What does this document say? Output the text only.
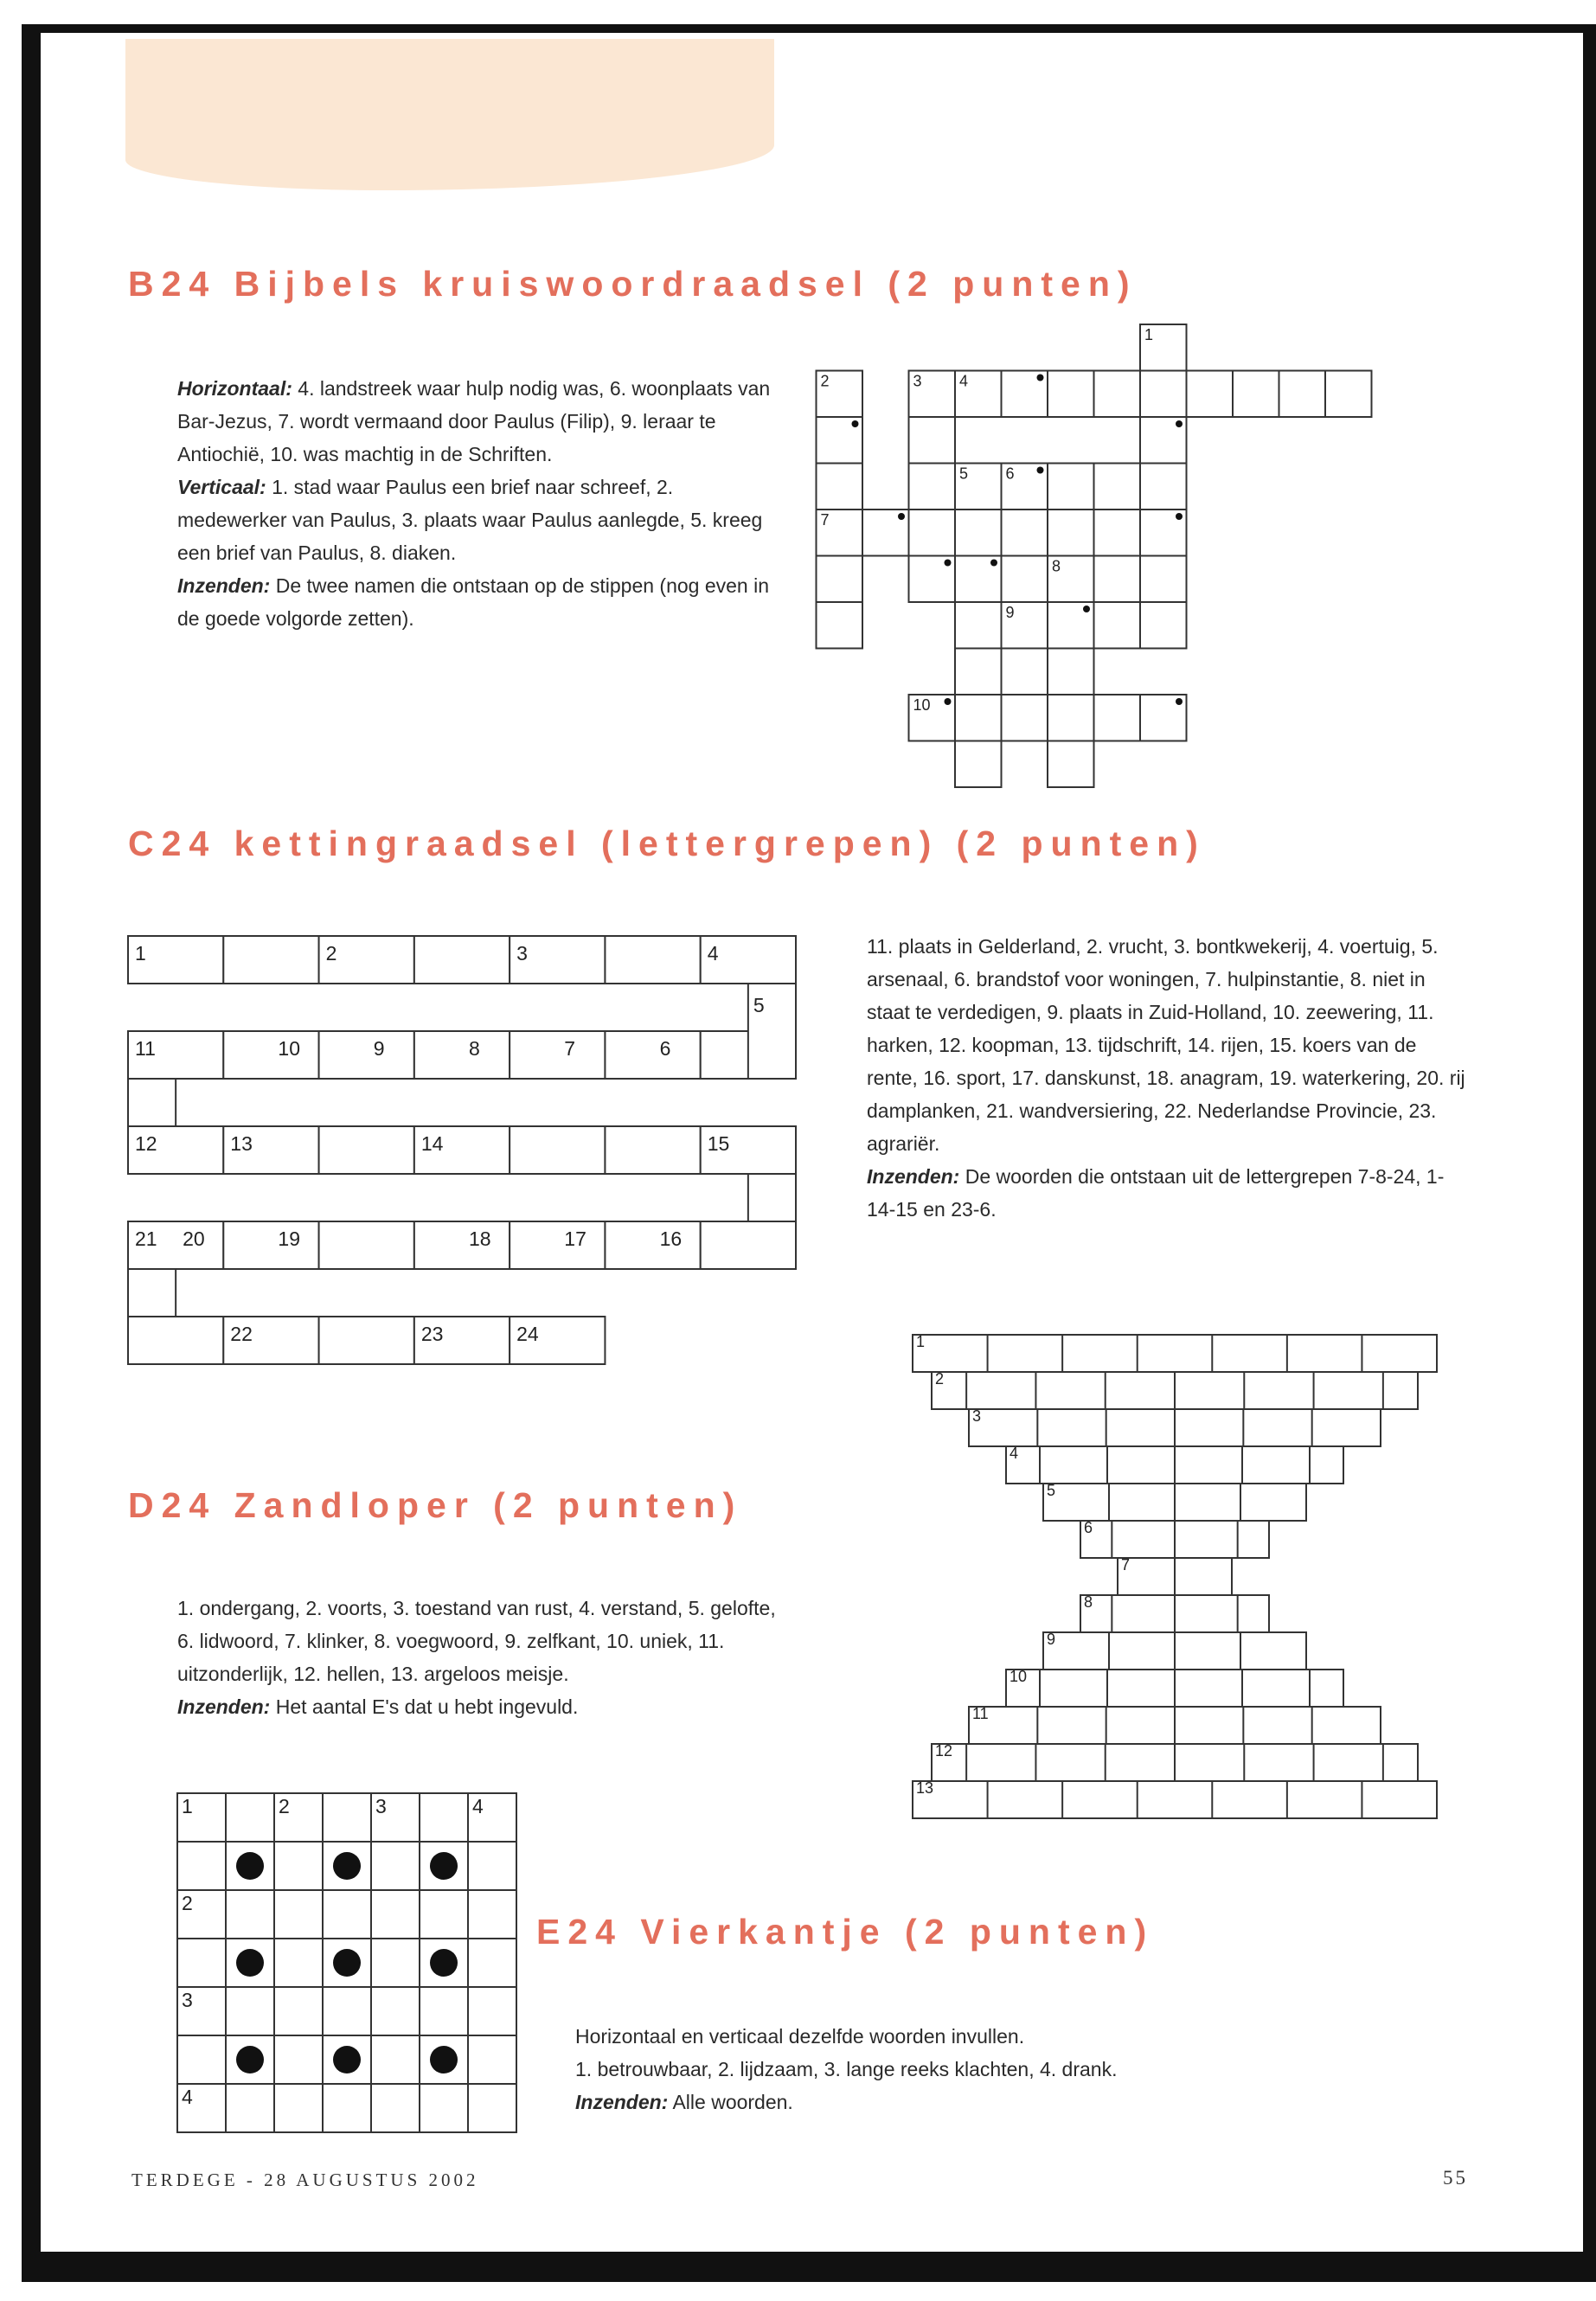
B24 Bijbels kruiswoordraadsel (2 punten)

Horizontaal: 4. landstreek waar hulp nodig was, 6. woonplaats van Bar-Jezus, 7. wordt vermaand door Paulus (Filip), 9. leraar te Antiochië, 10. was machtig in de Schriften.

Verticaal: 1. stad waar Paulus een brief naar schreef, 2. medewerker van Paulus, 3. plaats waar Paulus aanlegde, 5. kreeg een brief van Paulus, 8. diaken.

Inzenden: De twee namen die ontstaan op de stippen (nog even in de goede volgorde zetten).

1
2	3 4
5 6
7
8
9
10
C24 kettingraadsel (lettergrepen) (2 punten)

11. plaats in Gelderland, 2. vrucht, 3. bontkwekerij, 4. voertuig, 5. arsenaal, 6. brandstof voor woningen, 7. hulpinstantie, 8. niet in staat te verdedigen, 9. plaats in Zuid-Holland, 10. zeewering, 11. harken, 12. koopman, 13. tijdschrift, 14. rijen, 15. koers van de rente, 16. sport, 17. danskunst, 18. anagram, 19. waterkering, 20. rij damplanken, 21. wandversiering, 22. Nederlandse Provincie, 23. agrariër.

Inzenden: De woorden die ontstaan uit de lettergrepen 7-8-24, 1-14-15 en 23-6.

1	2	3	4
5
11	10	9	8	7	6
12	13	14	15
21 20	19	18	17	16
22	23	24
D24 Zandloper (2 punten)

1. ondergang, 2. voorts, 3. toestand van rust, 4. verstand, 5. gelofte, 6. lidwoord, 7. klinker, 8. voegwoord, 9. zelfkant, 10. uniek, 11. uitzonderlijk, 12. hellen, 13. argeloos meisje.

Inzenden: Het aantal E's dat u hebt ingevuld.

1
2
3
4
5
6
7
8
9
10
11
12
13
E24 Vierkantje (2 punten)

Horizontaal en verticaal dezelfde woorden invullen.

1. betrouwbaar, 2. lijdzaam, 3. lange reeks klachten, 4. drank.

Inzenden: Alle woorden.

1	2	3	4
2
3
4
TERDEGE - 28 AUGUSTUS 2002	55
